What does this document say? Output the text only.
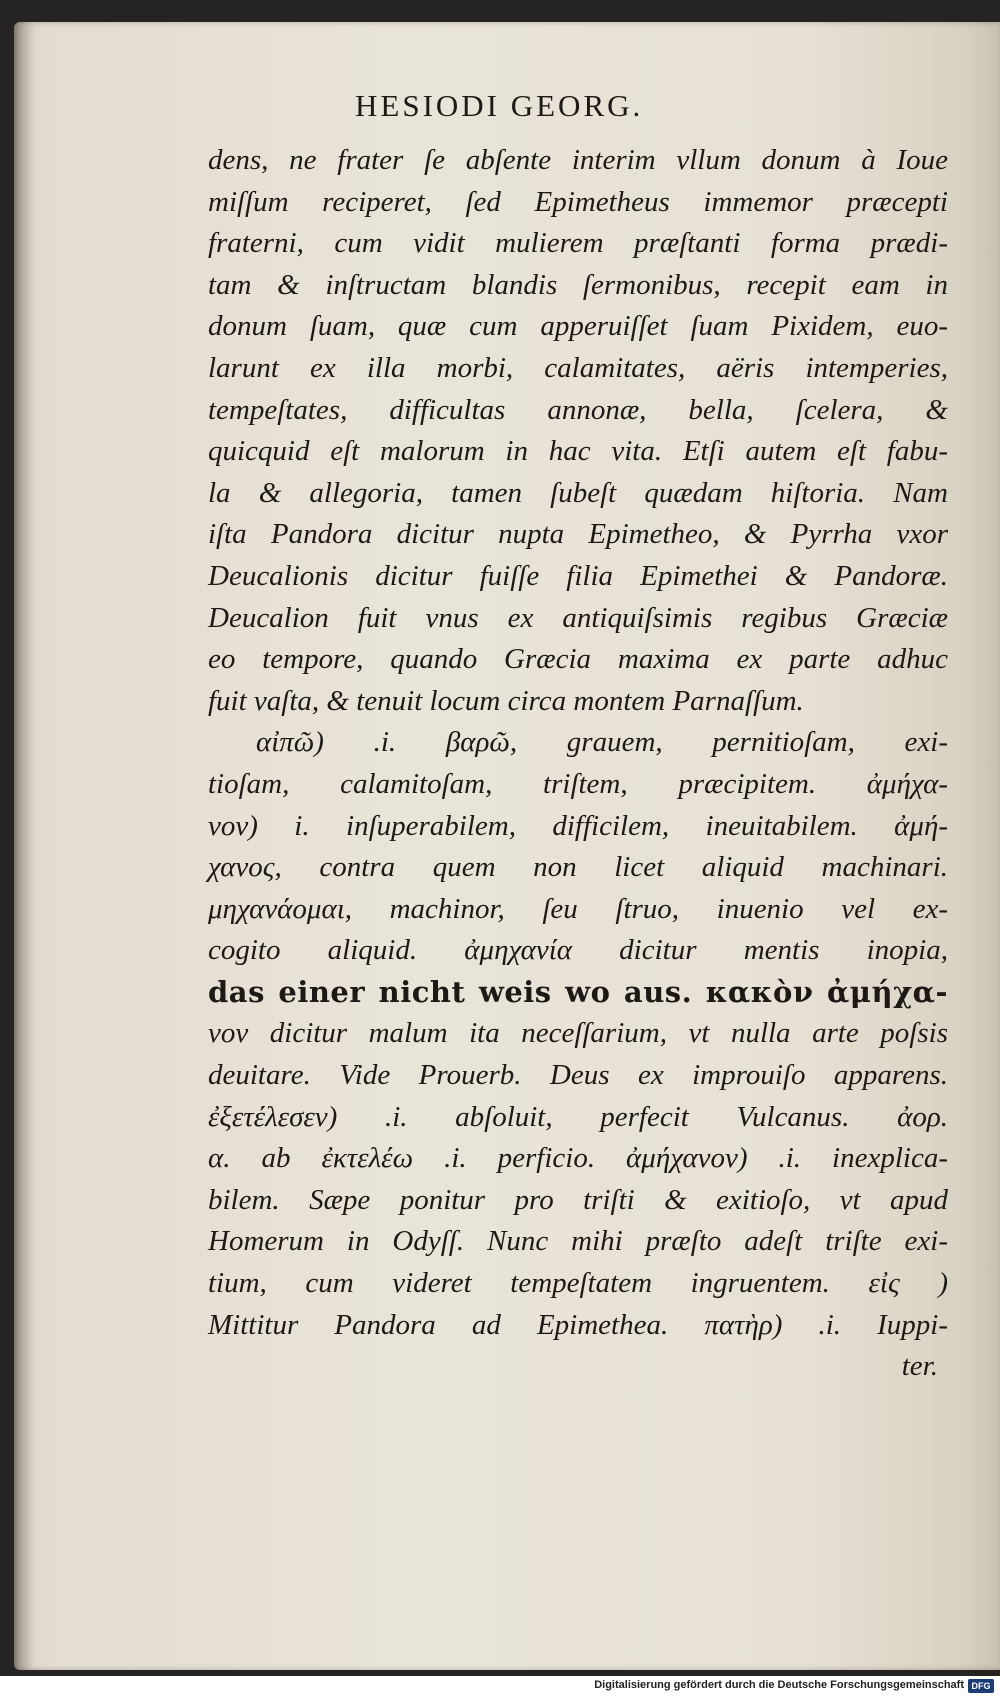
HESIODI GEORG.
dens, ne frater ſe abſente interim vllum donum à Ioue
miſſum reciperet, ſed Epimetheus immemor præcepti
fraterni, cum vidit mulierem præſtanti forma prædi-
tam & inſtructam blandis ſermonibus, recepit eam in
donum ſuam, quæ cum apperuiſſet ſuam Pixidem, euo-
larunt ex illa morbi, calamitates, aëris intemperies,
tempeſtates, difficultas annonæ, bella, ſcelera, &
quicquid eſt malorum in hac vita. Etſi autem eſt fabu-
la & allegoria, tamen ſubeſt quædam hiſtoria. Nam
iſta Pandora dicitur nupta Epimetheo, & Pyrrha vxor
Deucalionis dicitur fuiſſe filia Epimethei & Pandoræ.
Deucalion fuit vnus ex antiquiſsimis regibus Græciæ
eo tempore, quando Græcia maxima ex parte adhuc
fuit vaſta, & tenuit locum circa montem Parnaſſum.
αἰπῶ) .i. βαρῶ, grauem, pernitioſam, exi-
tioſam, calamitoſam, triſtem, præcipitem. ἀμήχα-
νον) i. inſuperabilem, difficilem, ineuitabilem. ἀμή-
χανος, contra quem non licet aliquid machinari.
μηχανάομαι, machinor, ſeu ſtruo, inuenio vel ex-
cogito aliquid. ἀμηχανία dicitur mentis inopia,
das einer nicht weis wo aus. κακὸν ἀμήχα-
νον dicitur malum ita neceſſarium, vt nulla arte poſsis
deuitare. Vide Prouerb. Deus ex improuiſo apparens.
ἐξετέλεσεν) .i. abſoluit, perfecit Vulcanus. ἀορ.
α. ab ἐκτελέω .i. perficio. ἀμήχανον) .i. inexplica-
bilem. Sæpe ponitur pro triſti & exitioſo, vt apud
Homerum in Odyſſ. Nunc mihi præſto adeſt triſte exi-
tium, cum videret tempeſtatem ingruentem. εἰς )
Mittitur Pandora ad Epimethea. πατὴρ) .i. Iuppi-
ter.
Digitalisierung gefördert durch die Deutsche Forschungsgemeinschaft DFG
